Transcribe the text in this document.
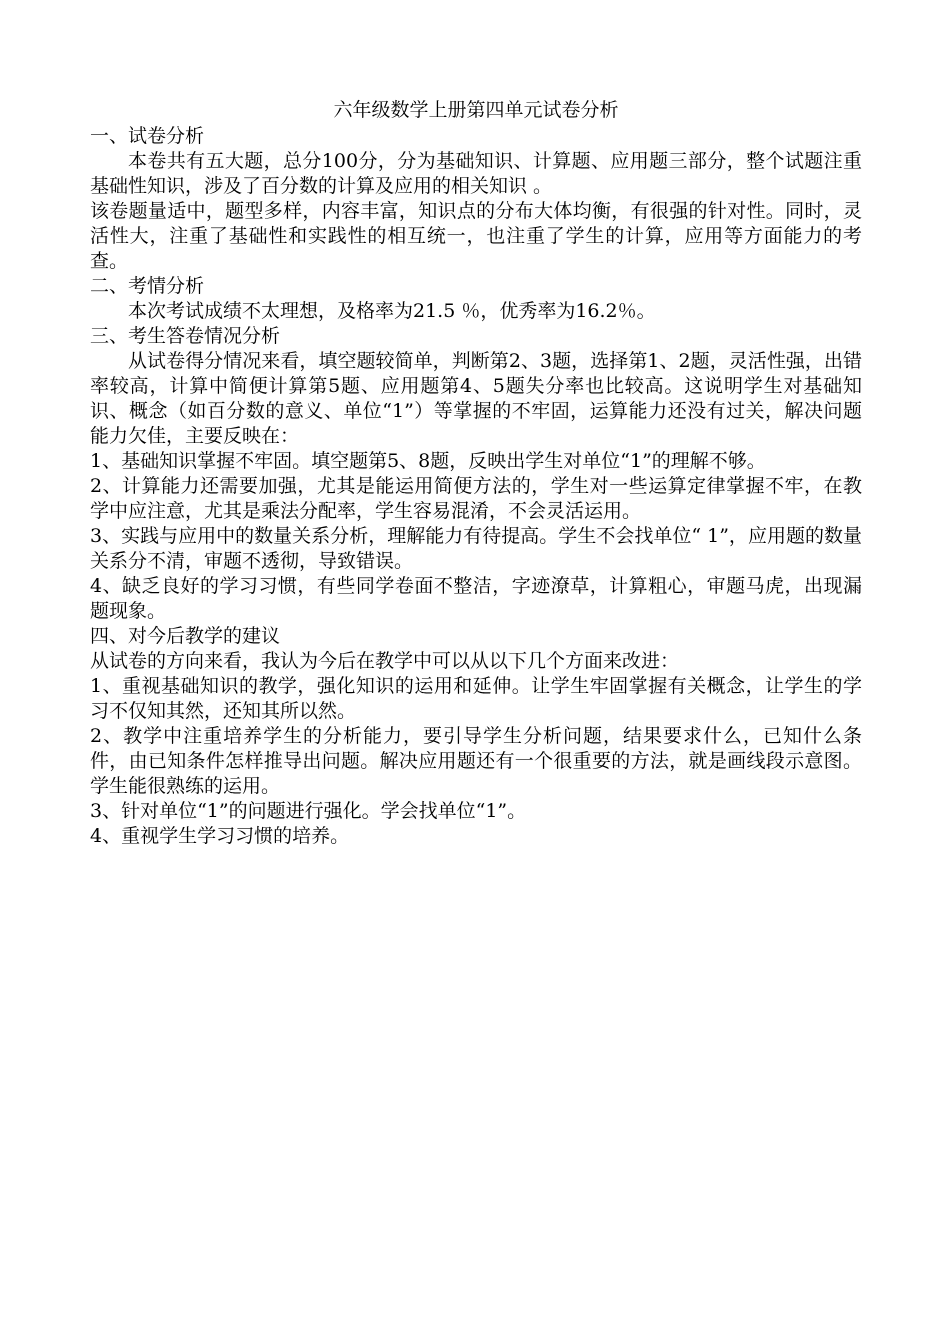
六年级数学上册第四单元试卷分析
一、试卷分析

本卷共有五大题，总分100分，分为基础知识、计算题、应用题三部分，整个试题注重基础性知识，涉及了百分数的计算及应用的相关知识 。

该卷题量适中，题型多样，内容丰富，知识点的分布大体均衡，有很强的针对性。同时，灵活性大，注重了基础性和实践性的相互统一，也注重了学生的计算，应用等方面能力的考查。

二、考情分析

本次考试成绩不太理想，及格率为21.5 ％，优秀率为16.2％。

三、考生答卷情况分析

从试卷得分情况来看，填空题较简单，判断第2、3题，选择第1、2题，灵活性强，出错率较高，计算中简便计算第5题、应用题第4、5题失分率也比较高。这说明学生对基础知识、概念（如百分数的意义、单位“1”）等掌握的不牢固，运算能力还没有过关，解决问题能力欠佳，主要反映在：

1、基础知识掌握不牢固。填空题第5、8题，反映出学生对单位“1”的理解不够。

2、计算能力还需要加强，尤其是能运用简便方法的，学生对一些运算定律掌握不牢，在教学中应注意，尤其是乘法分配率，学生容易混淆，不会灵活运用。

3、实践与应用中的数量关系分析，理解能力有待提高。学生不会找单位“ 1”，应用题的数量关系分不清，审题不透彻，导致错误。

4、缺乏良好的学习习惯，有些同学卷面不整洁，字迹潦草，计算粗心，审题马虎，出现漏题现象。

四、对今后教学的建议

从试卷的方向来看，我认为今后在教学中可以从以下几个方面来改进：

1、重视基础知识的教学，强化知识的运用和延伸。让学生牢固掌握有关概念，让学生的学习不仅知其然，还知其所以然。

2、教学中注重培养学生的分析能力，要引导学生分析问题，结果要求什么，已知什么条件，由已知条件怎样推导出问题。解决应用题还有一个很重要的方法，就是画线段示意图。学生能很熟练的运用。

3、针对单位“1”的问题进行强化。学会找单位“1”。

4、重视学生学习习惯的培养。
